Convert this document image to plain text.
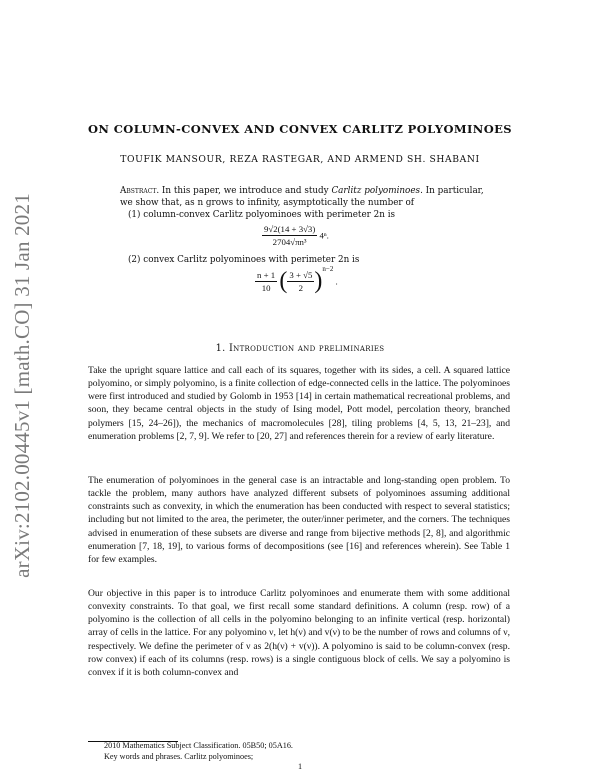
arXiv:2102.00445v1 [math.CO] 31 Jan 2021
ON COLUMN-CONVEX AND CONVEX CARLITZ POLYOMINOES
TOUFIK MANSOUR, REZA RASTEGAR, AND ARMEND SH. SHABANI
Abstract. In this paper, we introduce and study Carlitz polyominoes. In particular, we show that, as n grows to infinity, asymptotically the number of
(1) column-convex Carlitz polyominoes with perimeter 2n is
$\frac{9√2(14 + 3√3)}{\text{2704√πn³}} 4^n$.
(2) convex Carlitz polyominoes with perimeter 2n is
$\frac{n + 1}{10}$ ( $\frac{3 + √5}{2} )^{n-2}$ .
1. Introduction and preliminaries
Take the upright square lattice and call each of its squares, together with its sides, a cell. A squared lattice polyomino, or simply polyomino, is a finite collection of edge-connected cells in the lattice. The polyominoes were first introduced and studied by Golomb in 1953 [14] in certain mathematical recreational problems, and soon, they became central objects in the study of Ising model, Pott model, percolation theory, branched polymers [15, 24–26]), the mechanics of macromolecules [28], tiling problems [4, 5, 13, 21–23], and enumeration problems [2, 7, 9]. We refer to [20, 27] and references therein for a review of early literature.
The enumeration of polyominoes in the general case is an intractable and long-standing open problem. To tackle the problem, many authors have analyzed different subsets of polyominoes assuming additional constraints such as convexity, in which the enumeration has been conducted with respect to several statistics; including but not limited to the area, the perimeter, the outer/inner perimeter, and the corners. The techniques advised in enumeration of these subsets are diverse and range from bijective methods [2, 8], and algorithmic enumeration [7, 18, 19], to various forms of decompositions (see [16] and references wherein). See Table 1 for few examples.
Our objective in this paper is to introduce Carlitz polyominoes and enumerate them with some additional convexity constraints. To that goal, we first recall some standard definitions. A column (resp. row) of a polyomino is the collection of all cells in the polyomino belonging to an infinite vertical (resp. horizontal) array of cells in the lattice. For any polyomino ν, let h(ν) and v(ν) to be the number of rows and columns of ν, respectively. We define the perimeter of ν as 2(h(ν) + v(ν)). A polyomino is said to be column-convex (resp. row convex) if each of its columns (resp. rows) is a single contiguous block of cells. We say a polyomino is convex if it is both column-convex and
2010 Mathematics Subject Classification. 05B50; 05A16.
Key words and phrases. Carlitz polyominoes;
1
